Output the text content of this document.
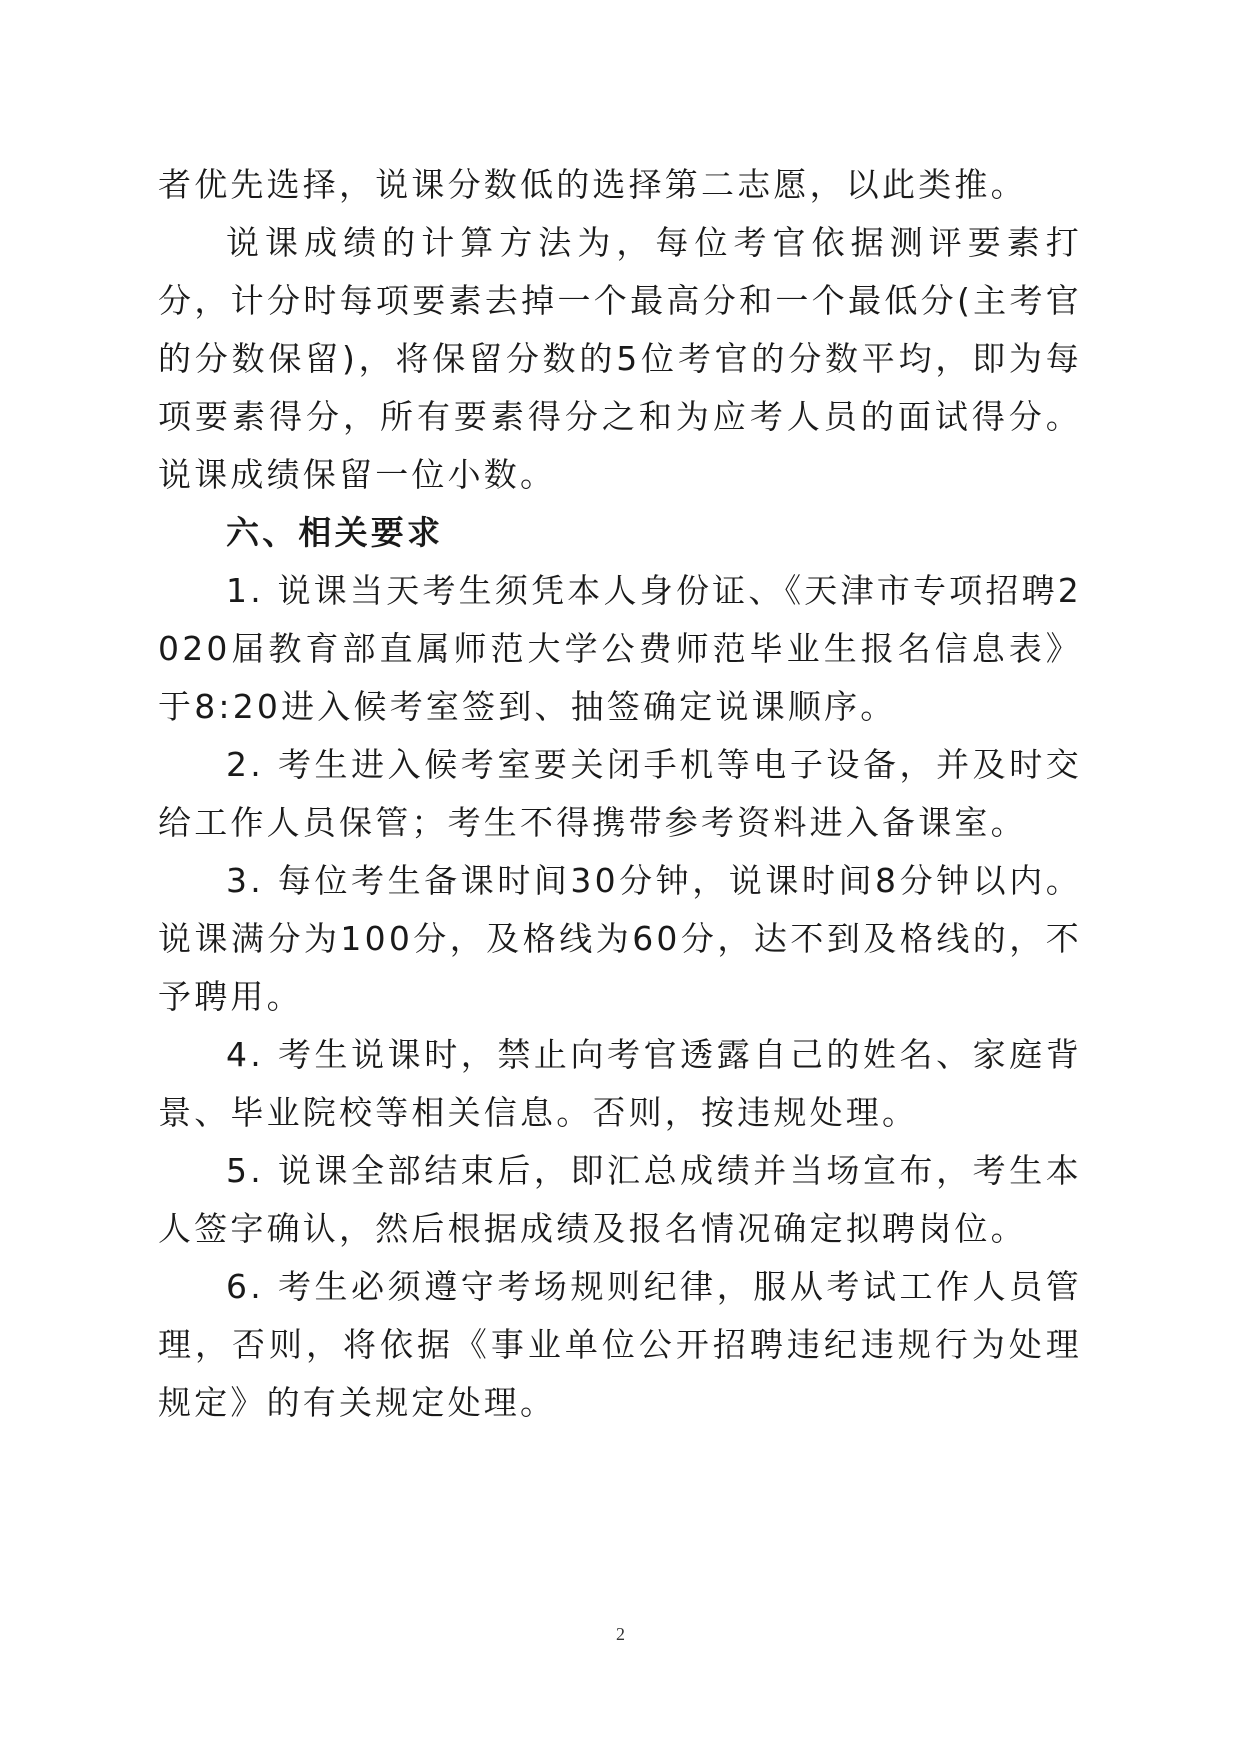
者优先选择，说课分数低的选择第二志愿，以此类推。

说课成绩的计算方法为，每位考官依据测评要素打分，计分时每项要素去掉一个最高分和一个最低分(主考官的分数保留)，将保留分数的5位考官的分数平均，即为每项要素得分，所有要素得分之和为应考人员的面试得分。说课成绩保留一位小数。

六、相关要求

1. 说课当天考生须凭本人身份证、《天津市专项招聘2020届教育部直属师范大学公费师范毕业生报名信息表》于8:20进入候考室签到、抽签确定说课顺序。

2. 考生进入候考室要关闭手机等电子设备，并及时交给工作人员保管；考生不得携带参考资料进入备课室。

3. 每位考生备课时间30分钟，说课时间8分钟以内。说课满分为100分，及格线为60分，达不到及格线的，不予聘用。

4. 考生说课时，禁止向考官透露自己的姓名、家庭背景、毕业院校等相关信息。否则，按违规处理。

5. 说课全部结束后，即汇总成绩并当场宣布，考生本人签字确认，然后根据成绩及报名情况确定拟聘岗位。

6. 考生必须遵守考场规则纪律，服从考试工作人员管理，否则，将依据《事业单位公开招聘违纪违规行为处理规定》的有关规定处理。

2
